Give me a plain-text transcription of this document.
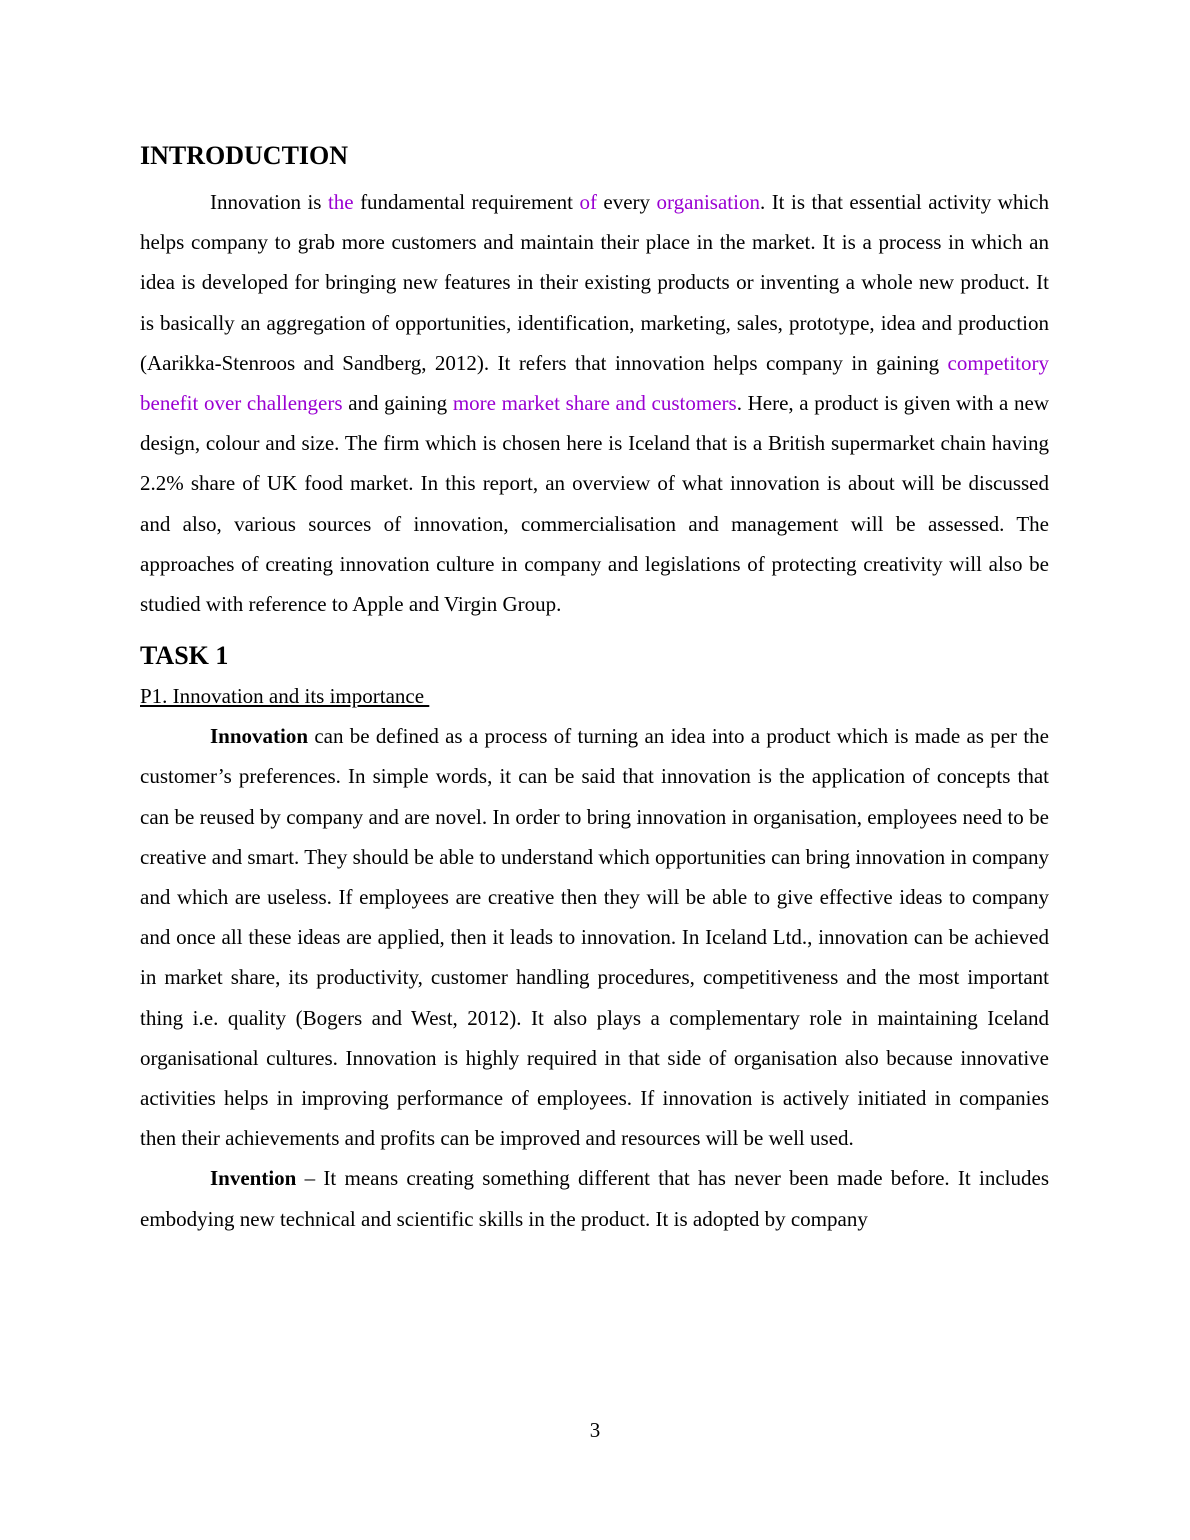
INTRODUCTION

Innovation is the fundamental requirement of every organisation. It is that essential activity which helps company to grab more customers and maintain their place in the market. It is a process in which an idea is developed for bringing new features in their existing products or inventing a whole new product. It is basically an aggregation of opportunities, identification, marketing, sales, prototype, idea and production (Aarikka-Stenroos and Sandberg, 2012). It refers that innovation helps company in gaining competitory benefit over challengers and gaining more market share and customers. Here, a product is given with a new design, colour and size. The firm which is chosen here is Iceland that is a British supermarket chain having 2.2% share of UK food market. In this report, an overview of what innovation is about will be discussed and also, various sources of innovation, commercialisation and management will be assessed. The approaches of creating innovation culture in company and legislations of protecting creativity will also be studied with reference to Apple and Virgin Group.

TASK 1

P1. Innovation and its importance

Innovation can be defined as a process of turning an idea into a product which is made as per the customer’s preferences. In simple words, it can be said that innovation is the application of concepts that can be reused by company and are novel. In order to bring innovation in organisation, employees need to be creative and smart. They should be able to understand which opportunities can bring innovation in company and which are useless. If employees are creative then they will be able to give effective ideas to company and once all these ideas are applied, then it leads to innovation. In Iceland Ltd., innovation can be achieved in market share, its productivity, customer handling procedures, competitiveness and the most important thing i.e. quality (Bogers and West, 2012). It also plays a complementary role in maintaining Iceland organisational cultures. Innovation is highly required in that side of organisation also because innovative activities helps in improving performance of employees. If innovation is actively initiated in companies then their achievements and profits can be improved and resources will be well used.

Invention – It means creating something different that has never been made before. It includes embodying new technical and scientific skills in the product. It is adopted by company

3
